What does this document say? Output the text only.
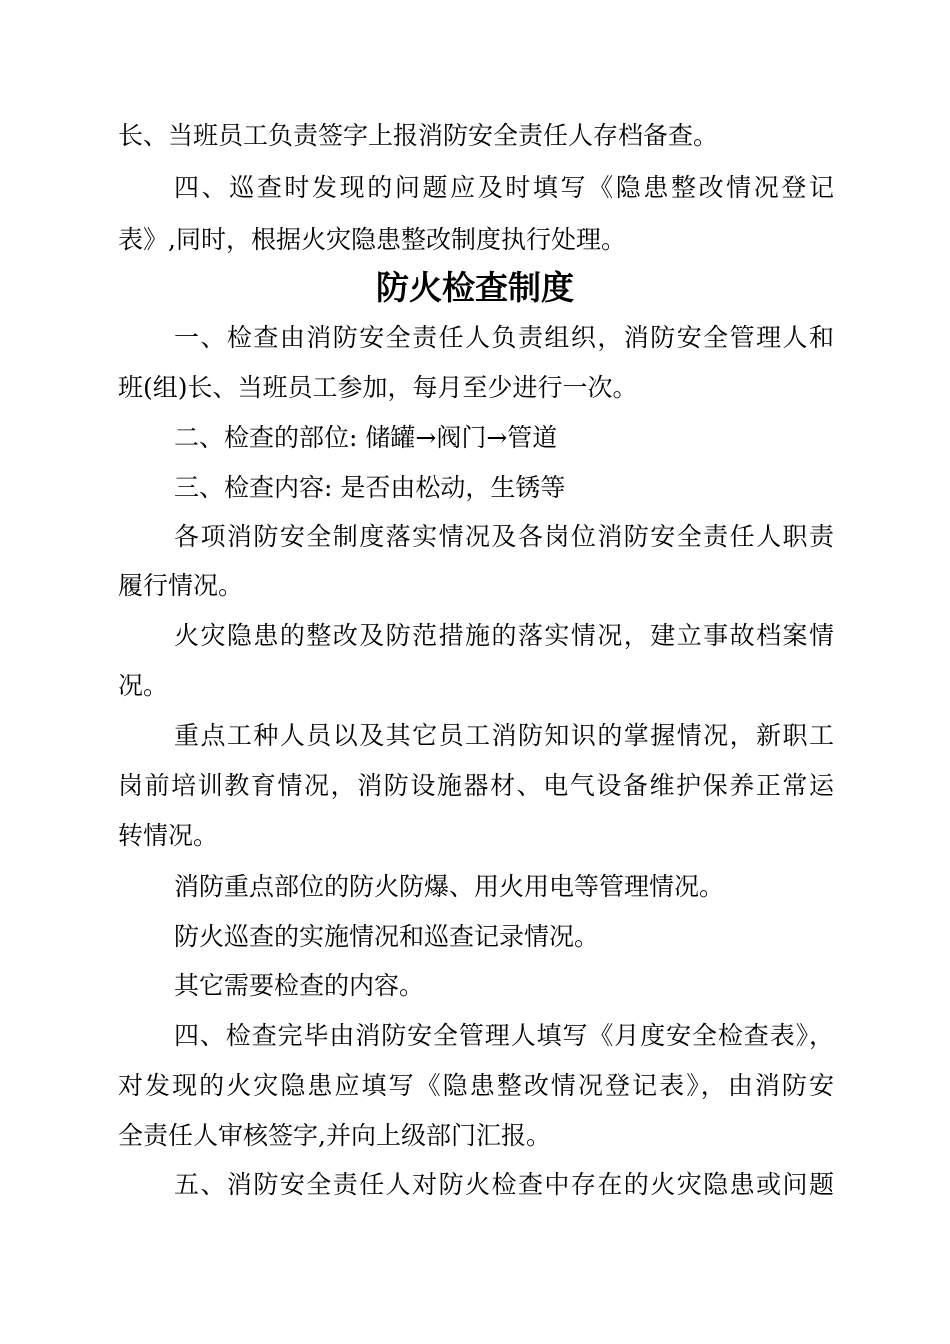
长、当班员工负责签字上报消防安全责任人存档备查。
四、巡查时发现的问题应及时填写《隐患整改情况登记
表》,同时，根据火灾隐患整改制度执行处理。
防火检查制度
一、检查由消防安全责任人负责组织，消防安全管理人和
班(组)长、当班员工参加，每月至少进行一次。
二、检查的部位: 储罐→阀门→管道
三、检查内容: 是否由松动，生锈等
各项消防安全制度落实情况及各岗位消防安全责任人职责
履行情况。
火灾隐患的整改及防范措施的落实情况，建立事故档案情
况。
重点工种人员以及其它员工消防知识的掌握情况，新职工
岗前培训教育情况，消防设施器材、电气设备维护保养正常运
转情况。
消防重点部位的防火防爆、用火用电等管理情况。
防火巡查的实施情况和巡查记录情况。
其它需要检查的内容。
四、检查完毕由消防安全管理人填写《月度安全检查表》，
对发现的火灾隐患应填写《隐患整改情况登记表》，由消防安
全责任人审核签字,并向上级部门汇报。
五、消防安全责任人对防火检查中存在的火灾隐患或问题
